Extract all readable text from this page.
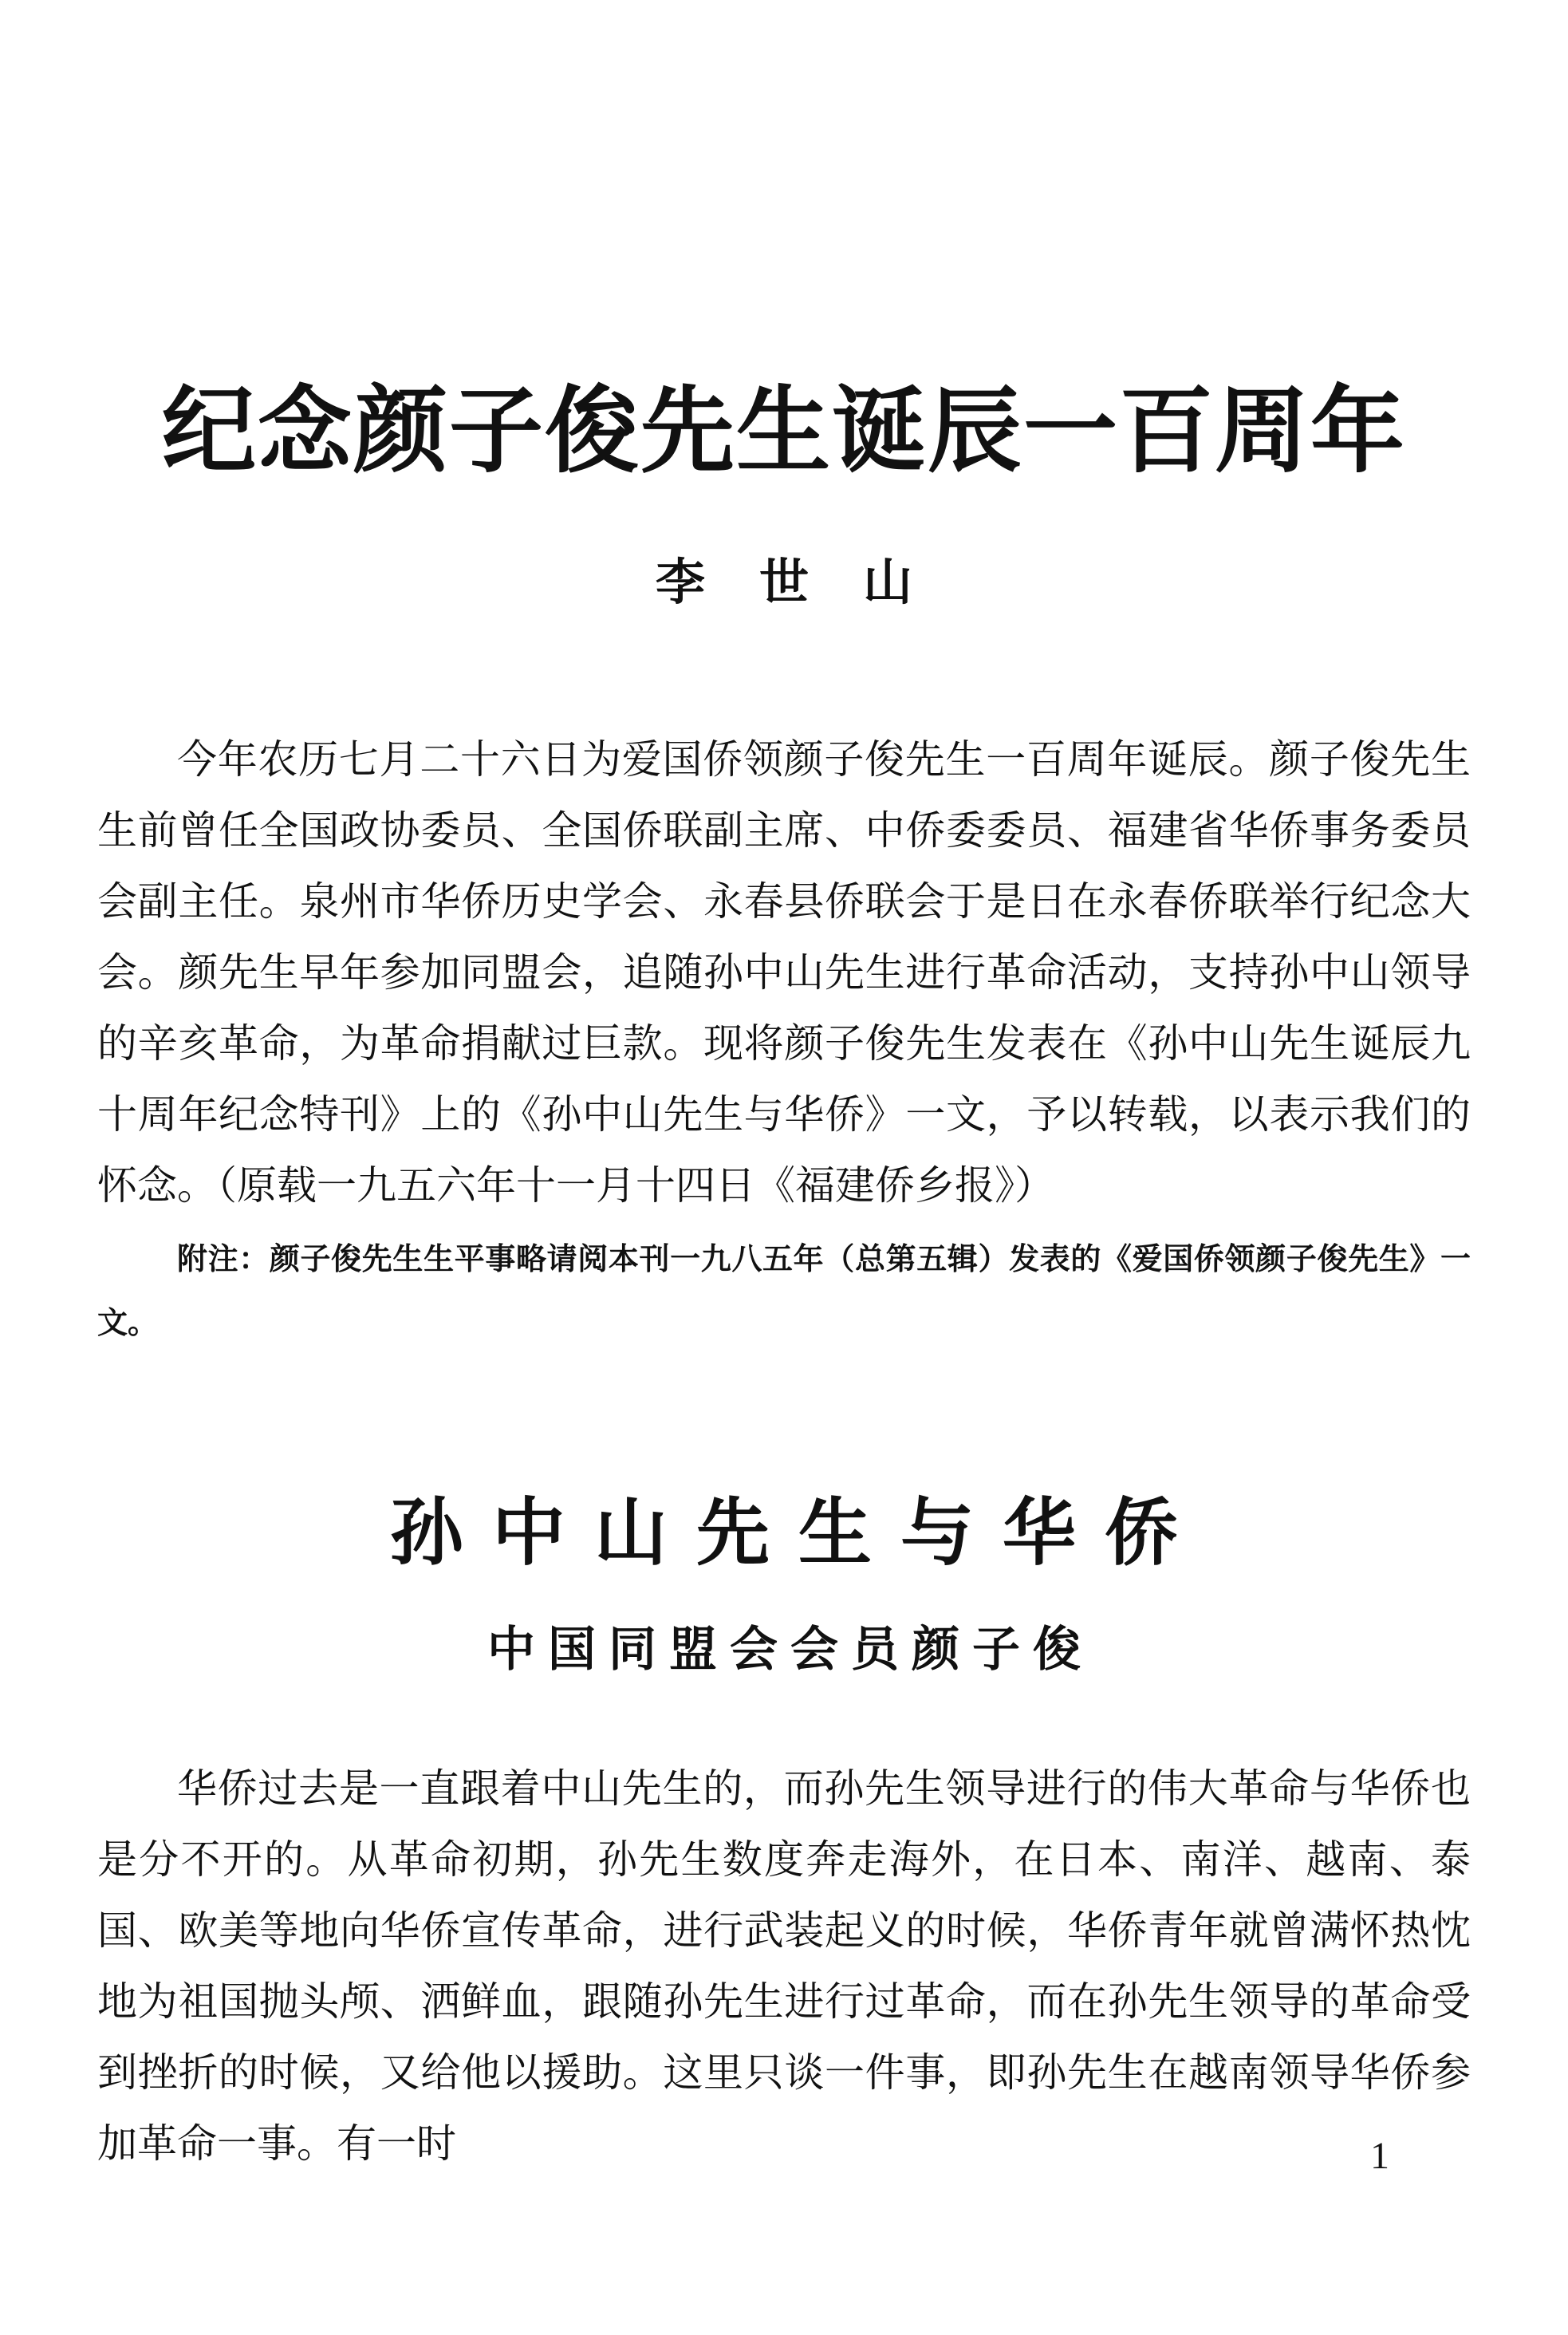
纪念颜子俊先生诞辰一百周年
李世山

今年农历七月二十六日为爱国侨领颜子俊先生一百周年诞辰。颜子俊先生生前曾任全国政协委员、全国侨联副主席、中侨委委员、福建省华侨事务委员会副主任。泉州市华侨历史学会、永春县侨联会于是日在永春侨联举行纪念大会。颜先生早年参加同盟会，追随孙中山先生进行革命活动，支持孙中山领导的辛亥革命，为革命捐献过巨款。现将颜子俊先生发表在《孙中山先生诞辰九十周年纪念特刊》上的《孙中山先生与华侨》一文，予以转载，以表示我们的怀念。（原载一九五六年十一月十四日《福建侨乡报》）

附注：颜子俊先生生平事略请阅本刊一九八五年（总第五辑）发表的《爱国侨领颜子俊先生》一文。

孙中山先生与华侨
中国同盟会会员颜子俊

华侨过去是一直跟着中山先生的，而孙先生领导进行的伟大革命与华侨也是分不开的。从革命初期，孙先生数度奔走海外，在日本、南洋、越南、泰国、欧美等地向华侨宣传革命，进行武装起义的时候，华侨青年就曾满怀热忱地为祖国抛头颅、洒鲜血，跟随孙先生进行过革命，而在孙先生领导的革命受到挫折的时候，又给他以援助。这里只谈一件事，即孙先生在越南领导华侨参加革命一事。有一时	1
